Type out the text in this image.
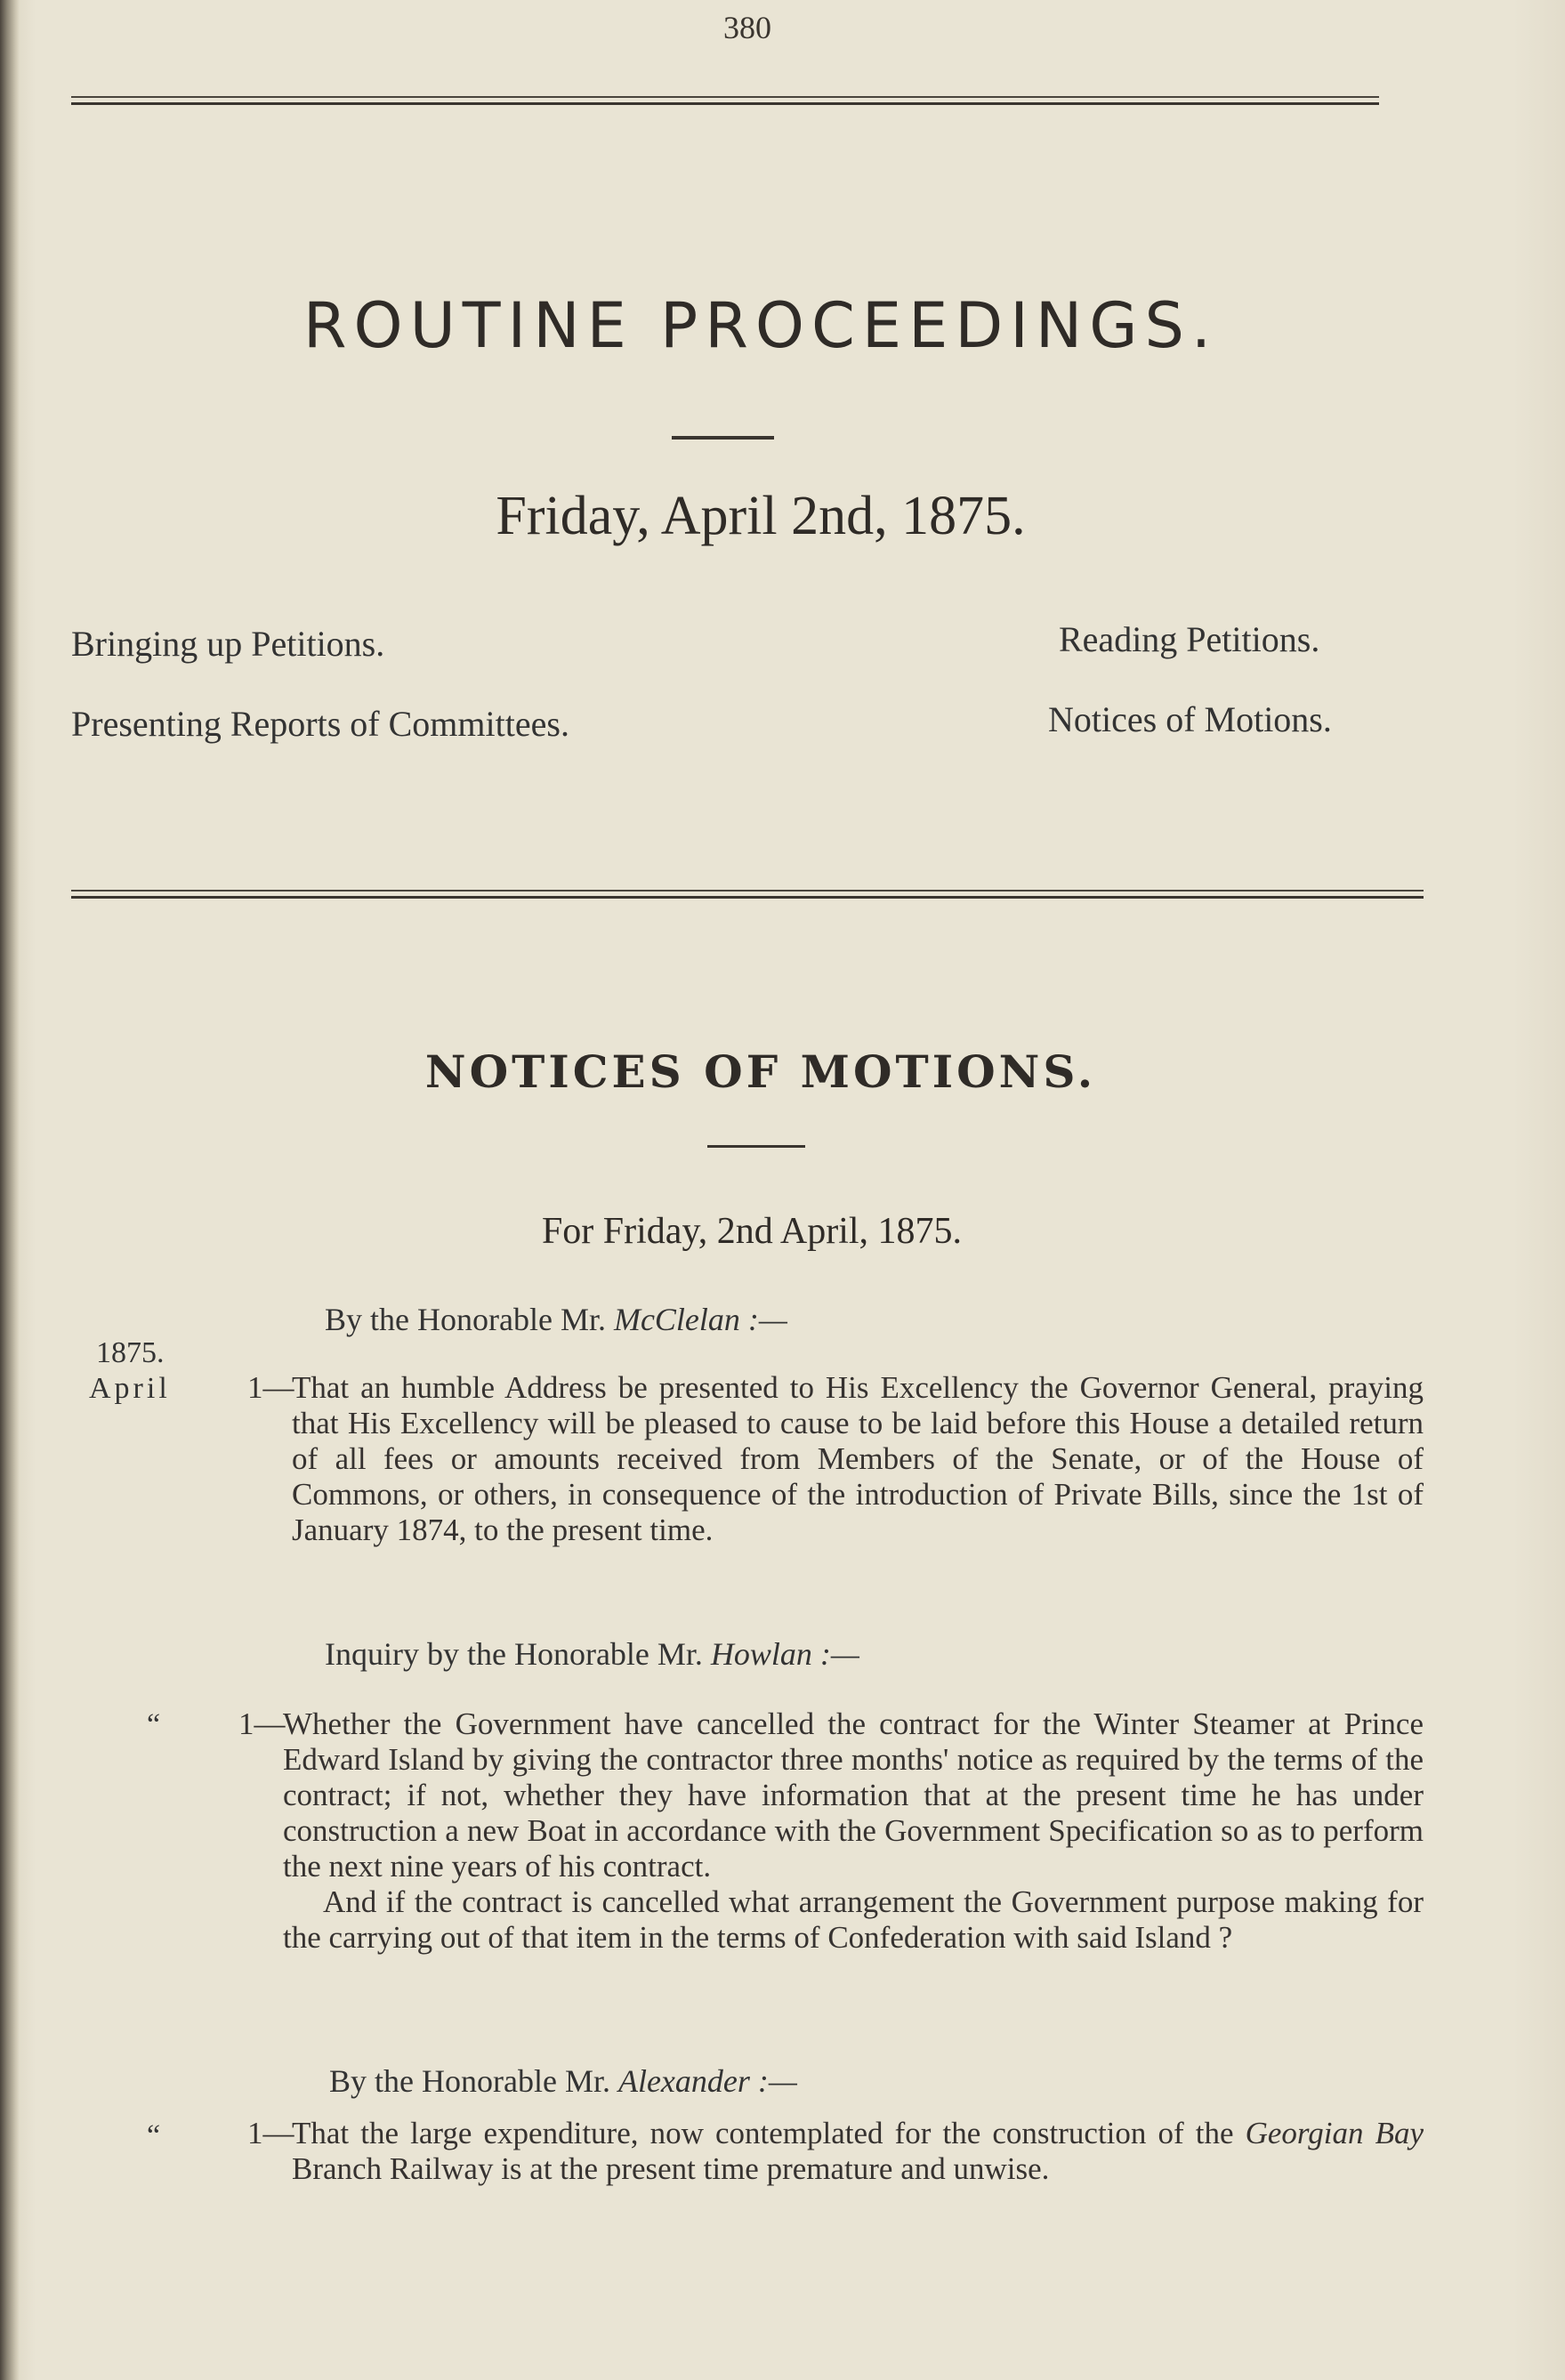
380
ROUTINE PROCEEDINGS.
Friday, April 2nd, 1875.
Bringing up Petitions.	Reading Petitions.
Presenting Reports of Committees.	Notices of Motions.
NOTICES OF MOTIONS.
For Friday, 2nd April, 1875.
By the Honorable Mr. McClelan :—
1875.
April 1—

That an humble Address be presented to His Excellency the Governor General, praying that His Excellency will be pleased to cause to be laid before this House a detailed return of all fees or amounts received from Members of the Senate, or of the House of Commons, or others, in consequence of the introduction of Private Bills, since the 1st of January 1874, to the present time.

Inquiry by the Honorable Mr. Howlan :—
“	1—

Whether the Government have cancelled the contract for the Winter Steamer at Prince Edward Island by giving the contractor three months' notice as required by the terms of the contract; if not, whether they have information that at the present time he has under construction a new Boat in accordance with the Government Specification so as to perform the next nine years of his contract.

And if the contract is cancelled what arrangement the Government purpose making for the carrying out of that item in the terms of Confederation with said Island ?

By the Honorable Mr. Alexander :—
“	1—

That the large expenditure, now contemplated for the construction of the Georgian Bay Branch Railway is at the present time premature and unwise.
